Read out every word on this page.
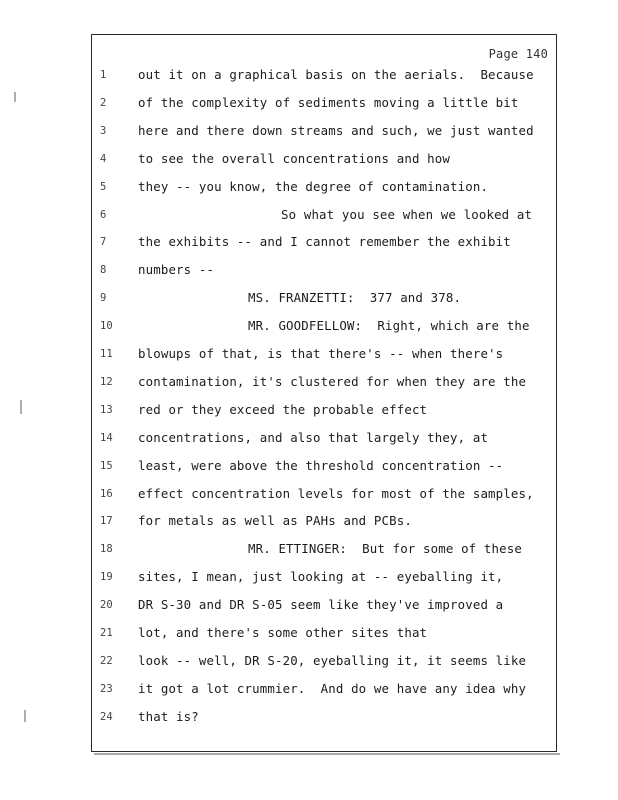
Page 140
1	out it on a graphical basis on the aerials.  Because
2	of the complexity of sediments moving a little bit
3	here and there down streams and such, we just wanted
4	to see the overall concentrations and how
5	they -- you know, the degree of contamination.
6	So what you see when we looked at
7	the exhibits -- and I cannot remember the exhibit
8	numbers --
9	MS. FRANZETTI:  377 and 378.
10	MR. GOODFELLOW:  Right, which are the
11	blowups of that, is that there's -- when there's
12	contamination, it's clustered for when they are the
13	red or they exceed the probable effect
14	concentrations, and also that largely they, at
15	least, were above the threshold concentration --
16	effect concentration levels for most of the samples,
17	for metals as well as PAHs and PCBs.
18	MR. ETTINGER:  But for some of these
19	sites, I mean, just looking at -- eyeballing it,
20	DR S-30 and DR S-05 seem like they've improved a
21	lot, and there's some other sites that
22	look -- well, DR S-20, eyeballing it, it seems like
23	it got a lot crummier.  And do we have any idea why
24	that is?
